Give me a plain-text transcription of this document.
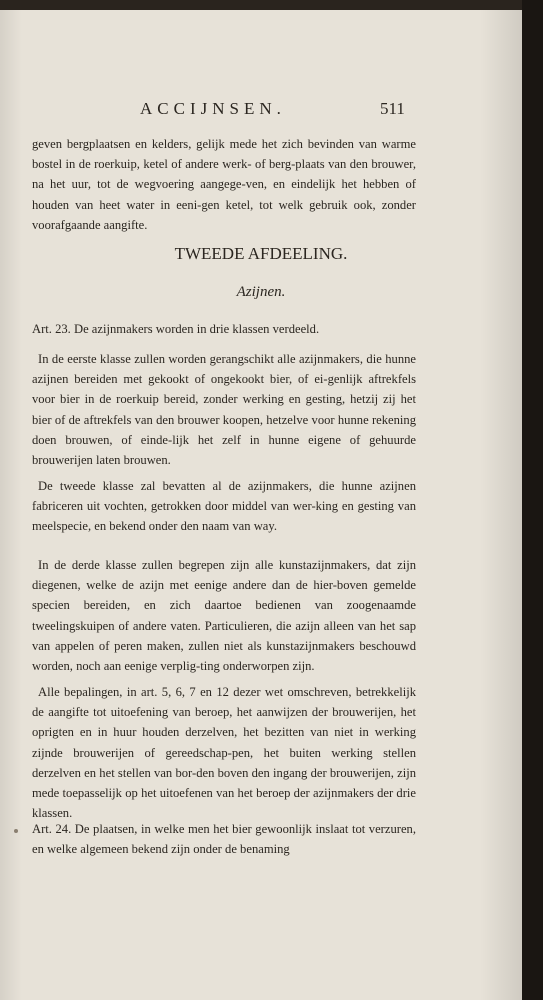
ACCIJNSEN.	511
geven bergplaatsen en kelders, gelijk mede het zich bevinden van warme bostel in de roerkuip, ketel of andere werk- of berg-plaats van den brouwer, na het uur, tot de wegvoering aangege-ven, en eindelijk het hebben of houden van heet water in eeni-gen ketel, tot welk gebruik ook, zonder voorafgaande aangifte.
TWEEDE AFDEELING.
Azijnen.
Art. 23. De azijnmakers worden in drie klassen verdeeld.
In de eerste klasse zullen worden gerangschikt alle azijnmakers, die hunne azijnen bereiden met gekookt of ongekookt bier, of ei-genlijk aftrekfels voor bier in de roerkuip bereid, zonder werking en gesting, hetzij zij het bier of de aftrekfels van den brouwer koopen, hetzelve voor hunne rekening doen brouwen, of einde-lijk het zelf in hunne eigene of gehuurde brouwerijen laten brouwen.
De tweede klasse zal bevatten al de azijnmakers, die hunne azijnen fabriceren uit vochten, getrokken door middel van wer-king en gesting van meelspecie, en bekend onder den naam van way.
In de derde klasse zullen begrepen zijn alle kunstazijnmakers, dat zijn diegenen, welke de azijn met eenige andere dan de hier-boven gemelde specien bereiden, en zich daartoe bedienen van zoogenaamde tweelingskuipen of andere vaten. Particulieren, die azijn alleen van het sap van appelen of peren maken, zullen niet als kunstazijnmakers beschouwd worden, noch aan eenige verplig-ting onderworpen zijn.
Alle bepalingen, in art. 5, 6, 7 en 12 dezer wet omschreven, betrekkelijk de aangifte tot uitoefening van beroep, het aanwijzen der brouwerijen, het oprigten en in huur houden derzelven, het bezitten van niet in werking zijnde brouwerijen of gereedschap-pen, het buiten werking stellen derzelven en het stellen van bor-den boven den ingang der brouwerijen, zijn mede toepasselijk op het uitoefenen van het beroep der azijnmakers der drie klassen.
Art. 24. De plaatsen, in welke men het bier gewoonlijk inslaat tot verzuren, en welke algemeen bekend zijn onder de benaming
